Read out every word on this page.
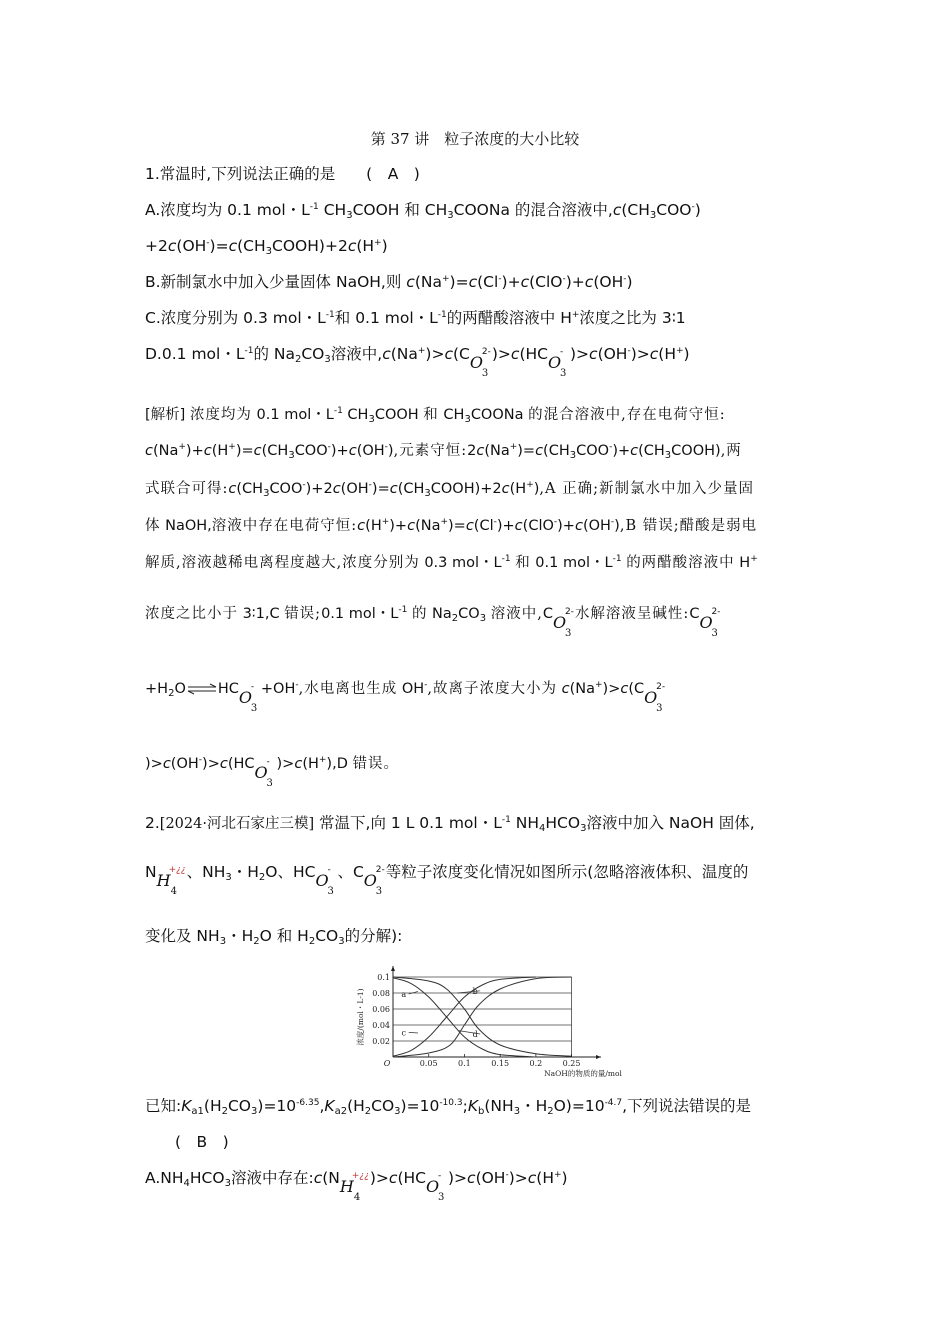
第 37 讲　粒子浓度的大小比较
1.常温时,下列说法正确的是 (　A　)
A.浓度均为 0.1 mol・$L^{-1}$ $CH_3COOH$ 和 $CH_3COONa$ 的混合溶液中$,c(CH_3COO^-)$
$+2c(OH^-)=c(CH_3COOH)+2c(H^+)$
B.新制氯水中加入少量固体 NaOH,则 c(Na+)=c(Cl-)+c(ClO-)+c(OH-)
C.浓度分别为 0.3 mol・$L^{-1}$和 0.1 mol・$L^{-1}$的两醋酸溶液中 H+浓度之比为 3∶1
D.0.1 mol・$L^{-1}$的 $Na_2CO_3$溶液中,c(Na+)>c(C O
3
2- )>c(HC O
3
- )>c(OH-)>c(H+)
[解析] 浓度均为 0.1 mol・$L^{-1}$ $CH_3COOH$ 和 $CH_3COONa$ 的混合溶液中,存在电荷守恒:
$c(Na^+)+c(H^+)=c(CH_3COO^-)+c(OH^-)$,元素守恒$:2c(Na^+)=c(CH_3COO^-)+c(CH_3COOH)$,两
式联合可得$:c(CH_3COO^-)+2c(OH^-)=c(CH_3COOH)+2c(H^+),A$ 正确;新制氯水中加入少量固
体 NaOH,溶液中存在电荷守恒:c(H+)+c(Na+)=c(Cl-)+c(ClO-)+c(OH-),B 错误;醋酸是弱电
解质,溶液越稀电离程度越大,浓度分别为 0.3 mol・$L^{-1}$ 和 0.1 mol・$L^{-1}$ 的两醋酸溶液中 H+
浓度之比小于 3∶1,C 错误;0.1 mol・$L^{-1}$ 的 $Na_2CO_3$ 溶液中,C O
3
2- 水解溶液呈碱性:C O
3
2-
$+H_2O\rightleftharpoons HC$ O
3
- +OH-,水电离也生成 OH-,故离子浓度大小为 c(Na+)>c(C O
3
2-
)>c(OH-)>c(HC O
3
- )>c(H+),D 错误。
2.[2024·河北石家庄三模] 常温下,向 1 L 0.1 mol・$L^{-1}$ $NH_4HCO_3$溶液中加入 NaOH 固体,
N H
4
+¿¿ 、$NH_3$・$H_2O$、HC O
3
- 、C O
3
2- 等粒子浓度变化情况如图所示(忽略溶液体积、温度的
变化及 $NH_3$・$H_2O$ 和 $H_2CO_3$的分解):
0.02
0.04
0.06
0.08
0.1
0.05	0.1	0.15	0.2	0.25
O
NaOH的物质的量/mol
浓度/(mol・L-1)	a	b
c	d
已知$:K_{a1}(H_2CO_3)=10^{-6.35},K_{a2}(H_2CO_3)=10^{-10.3};K_b(NH_3$・$H_2O)=10^{-4.7}$,下列说法错误的是
(　B　)
$A.NH_4HCO_3$溶液中存在:c(N H
4
+¿¿ )>c(HC O
3
- )>c(OH-)>c(H+)
